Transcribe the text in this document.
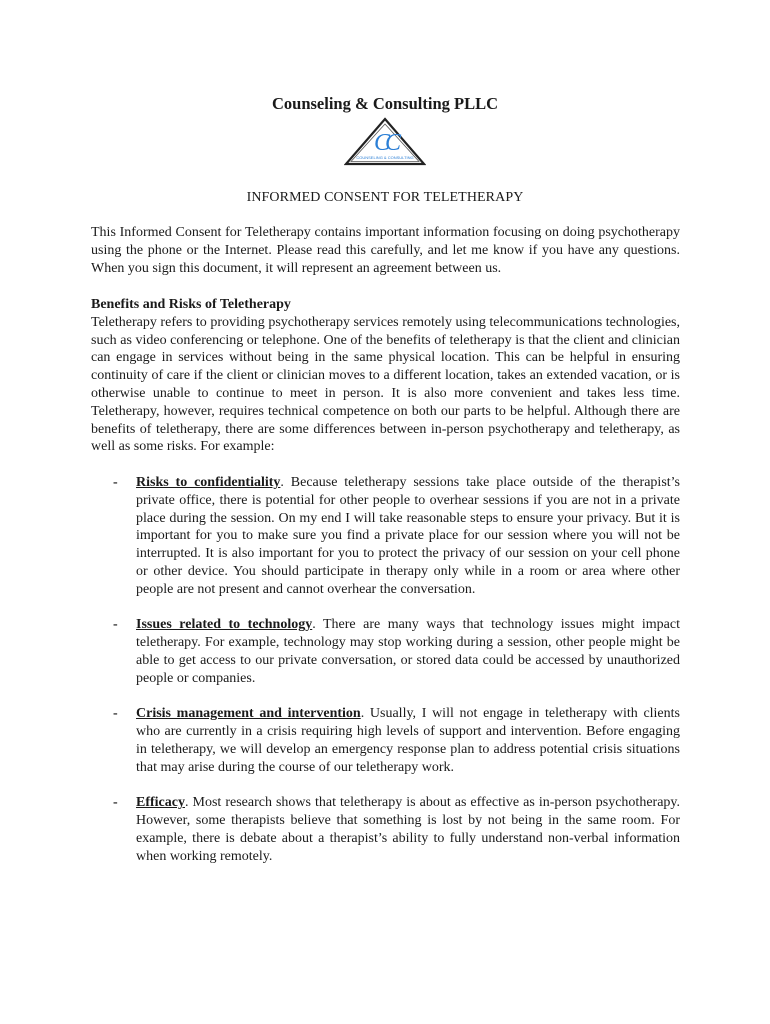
Counseling & Consulting PLLC
CC
COUNSELING & CONSULTING

INFORMED CONSENT FOR TELETHERAPY

This Informed Consent for Teletherapy contains important information focusing on doing psychotherapy using the phone or the Internet. Please read this carefully, and let me know if you have any questions. When you sign this document, it will represent an agreement between us.

Benefits and Risks of Teletherapy
Teletherapy refers to providing psychotherapy services remotely using telecommunications technologies, such as video conferencing or telephone. One of the benefits of teletherapy is that the client and clinician can engage in services without being in the same physical location. This can be helpful in ensuring continuity of care if the client or clinician moves to a different location, takes an extended vacation, or is otherwise unable to continue to meet in person. It is also more convenient and takes less time. Teletherapy, however, requires technical competence on both our parts to be helpful. Although there are benefits of teletherapy, there are some differences between in-person psychotherapy and teletherapy, as well as some risks. For example:
- Risks to confidentiality. Because teletherapy sessions take place outside of the therapist’s private office, there is potential for other people to overhear sessions if you are not in a private place during the session. On my end I will take reasonable steps to ensure your privacy. But it is important for you to make sure you find a private place for our session where you will not be interrupted. It is also important for you to protect the privacy of our session on your cell phone or other device. You should participate in therapy only while in a room or area where other people are not present and cannot overhear the conversation.
- Issues related to technology. There are many ways that technology issues might impact teletherapy. For example, technology may stop working during a session, other people might be able to get access to our private conversation, or stored data could be accessed by unauthorized people or companies.
- Crisis management and intervention. Usually, I will not engage in teletherapy with clients who are currently in a crisis requiring high levels of support and intervention. Before engaging in teletherapy, we will develop an emergency response plan to address potential crisis situations that may arise during the course of our teletherapy work.
- Efficacy. Most research shows that teletherapy is about as effective as in-person psychotherapy. However, some therapists believe that something is lost by not being in the same room. For example, there is debate about a therapist’s ability to fully understand non-verbal information when working remotely.
